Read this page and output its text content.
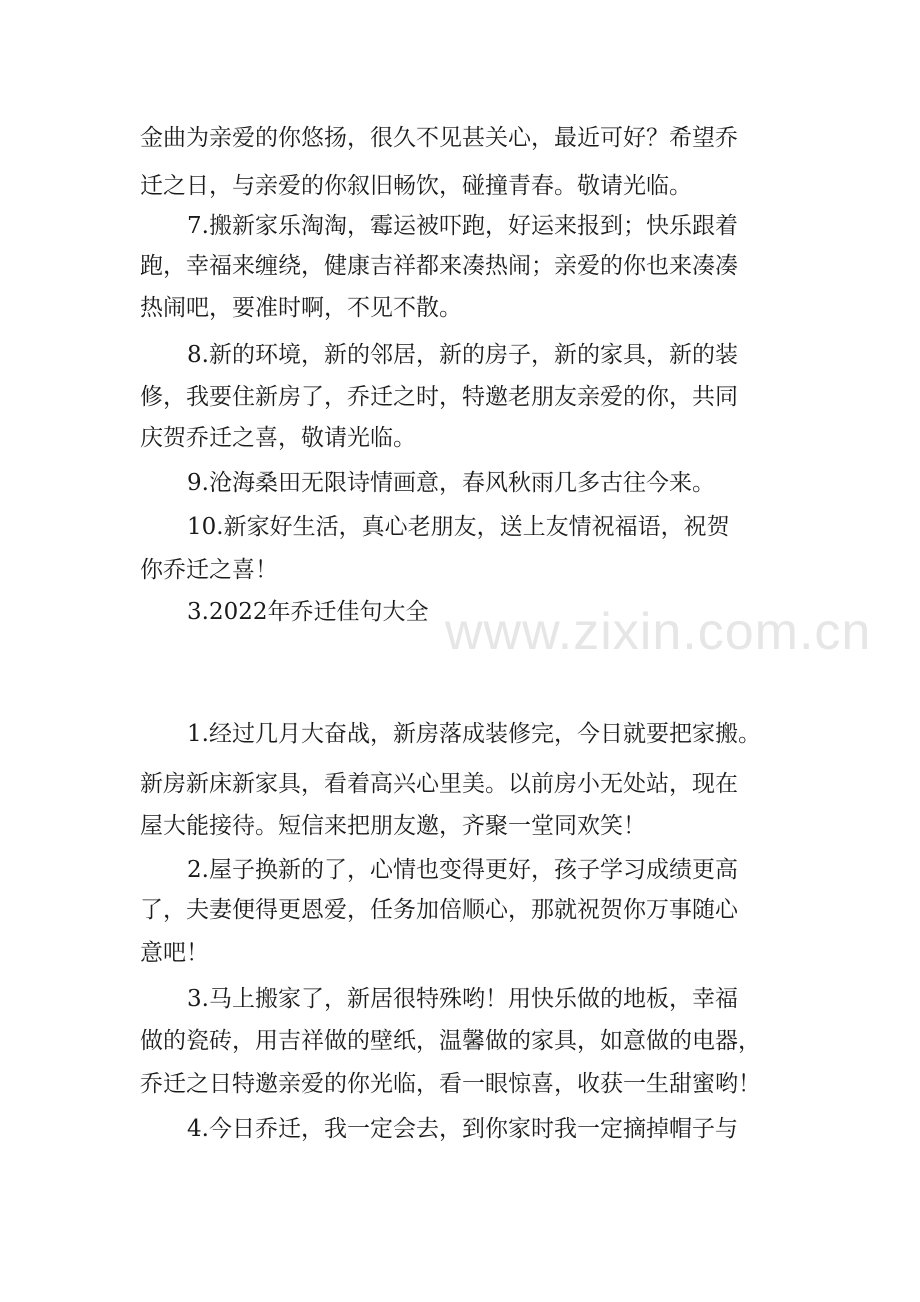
金曲为亲爱的你悠扬，很久不见甚关心，最近可好？希望乔
迁之日，与亲爱的你叙旧畅饮，碰撞青春。敬请光临。
7.搬新家乐淘淘，霉运被吓跑，好运来报到；快乐跟着
跑，幸福来缠绕，健康吉祥都来凑热闹；亲爱的你也来凑凑
热闹吧，要准时啊，不见不散。
8.新的环境，新的邻居，新的房子，新的家具，新的装
修，我要住新房了，乔迁之时，特邀老朋友亲爱的你，共同
庆贺乔迁之喜，敬请光临。
9.沧海桑田无限诗情画意，春风秋雨几多古往今来。
10.新家好生活，真心老朋友，送上友情祝福语，祝贺
你乔迁之喜！
3.2022年乔迁佳句大全 www.zixin.com.cn
1.经过几月大奋战，新房落成装修完，今日就要把家搬。
新房新床新家具，看着高兴心里美。以前房小无处站，现在
屋大能接待。短信来把朋友邀，齐聚一堂同欢笑！
2.屋子换新的了，心情也变得更好，孩子学习成绩更高
了，夫妻便得更恩爱，任务加倍顺心，那就祝贺你万事随心
意吧！
3.马上搬家了，新居很特殊哟！用快乐做的地板，幸福
做的瓷砖，用吉祥做的壁纸，温馨做的家具，如意做的电器，
乔迁之日特邀亲爱的你光临，看一眼惊喜，收获一生甜蜜哟！
4.今日乔迁，我一定会去，到你家时我一定摘掉帽子与
